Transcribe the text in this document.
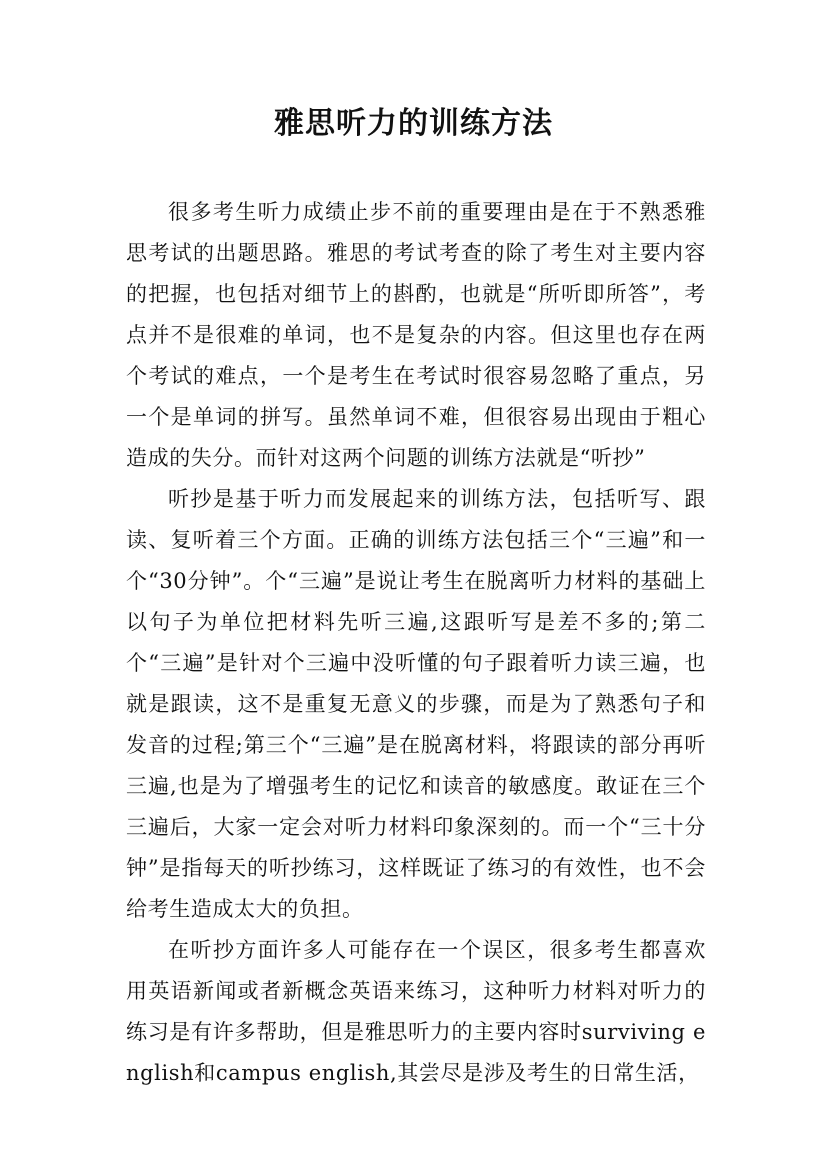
雅思听力的训练方法

很多考生听力成绩止步不前的重要理由是在于不熟悉雅思考试的出题思路。雅思的考试考查的除了考生对主要内容的把握，也包括对细节上的斟酌，也就是“所听即所答”，考点并不是很难的单词，也不是复杂的内容。但这里也存在两个考试的难点，一个是考生在考试时很容易忽略了重点，另一个是单词的拼写。虽然单词不难，但很容易出现由于粗心造成的失分。而针对这两个问题的训练方法就是“听抄”

听抄是基于听力而发展起来的训练方法，包括听写、跟读、复听着三个方面。正确的训练方法包括三个“三遍”和一个“30分钟”。个“三遍”是说让考生在脱离听力材料的基础上以句子为单位把材料先听三遍,这跟听写是差不多的;第二个“三遍”是针对个三遍中没听懂的句子跟着听力读三遍，也就是跟读，这不是重复无意义的步骤，而是为了熟悉句子和发音的过程;第三个“三遍”是在脱离材料，将跟读的部分再听三遍,也是为了增强考生的记忆和读音的敏感度。敢证在三个三遍后，大家一定会对听力材料印象深刻的。而一个“三十分钟”是指每天的听抄练习，这样既证了练习的有效性，也不会给考生造成太大的负担。

在听抄方面许多人可能存在一个误区，很多考生都喜欢用英语新闻或者新概念英语来练习，这种听力材料对听力的练习是有许多帮助，但是雅思听力的主要内容时surviving english和campus english,其尝尽是涉及考生的日常生活，
